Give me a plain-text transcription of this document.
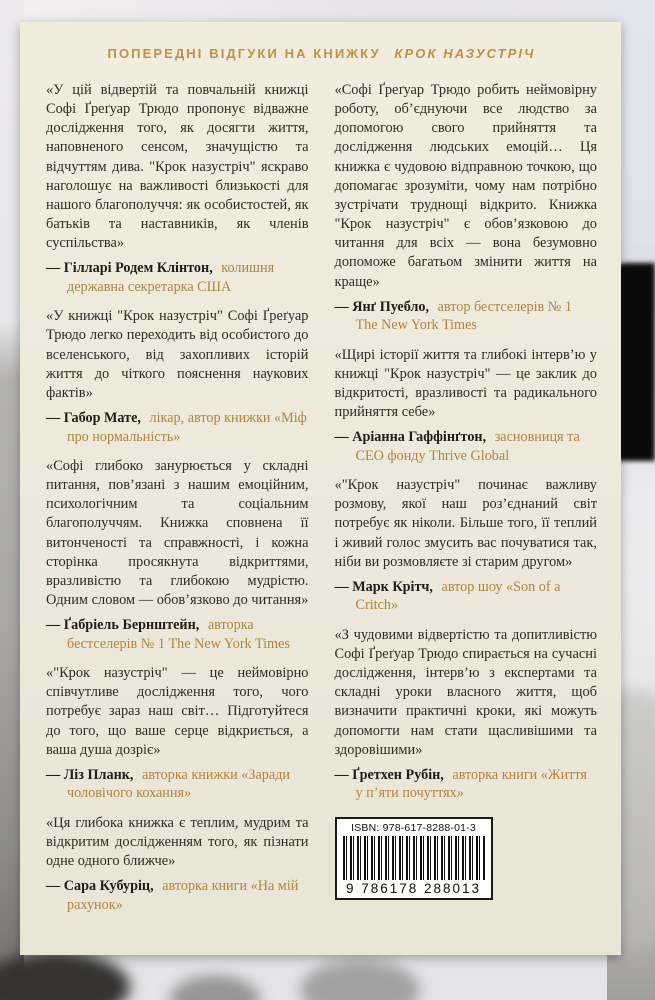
ПОПЕРЕДНІ ВІДГУКИ НА КНИЖКУ КРОК НАЗУСТРІЧ

«У цій відвертій та повчальній книжці Софі Ґреґуар Трюдо пропонує відважне дослідження того, як досягти життя, наповненого сенсом, значущістю та відчуттям дива. "Крок назустріч" яскраво наголошує на важливості близькості для нашого благополуччя: як особистостей, як батьків та наставників, як членів суспільства»

— Гілларі Родем Клінтон, колишня державна секретарка США

«У книжці "Крок назустріч" Софі Ґреґуар Трюдо легко переходить від особистого до вселенського, від захопливих історій життя до чіткого пояснення наукових фактів»

— Габор Мате, лікар, автор книжки «Міф про нормальність»

«Софі глибоко занурюється у складні питання, пов’язані з нашим емоційним, психологічним та соціальним благополуччям. Книжка сповнена її витонченості та справжності, і кожна сторінка просякнута відкриттями, вразливістю та глибокою мудрістю. Одним словом — обов’язково до читання»

— Ґабріель Бернштейн, авторка бестселерів № 1 The New York Times

«"Крок назустріч" — це неймовірно співчутливе дослідження того, чого потребує зараз наш світ… Підготуйтеся до того, що ваше серце відкриється, а ваша душа дозріє»

— Ліз Планк, авторка книжки «Заради чоловічого кохання»

«Ця глибока книжка є теплим, мудрим та відкритим дослідженням того, як пізнати одне одного ближче»

— Сара Кубуріц, авторка книги «На мій рахунок»

«Софі Ґреґуар Трюдо робить неймовірну роботу, об’єднуючи все людство за допомогою свого прийняття та дослідження людських емоцій… Ця книжка є чудовою відправною точкою, що допомагає зрозуміти, чому нам потрібно зустрічати труднощі відкрито. Книжка "Крок назустріч" є обов’язковою до читання для всіх — вона безумовно допоможе багатьом змінити життя на краще»

— Янґ Пуебло, автор бестселерів № 1 The New York Times

«Щирі історії життя та глибокі інтерв’ю у книжці "Крок назустріч" — це заклик до відкритості, вразливості та радикального прийняття себе»

— Аріанна Гаффінґтон, засновниця та СЕО фонду Thrive Global

«"Крок назустріч" починає важливу розмову, якої наш роз’єднаний світ потребує як ніколи. Більше того, її теплий і живий голос змусить вас почуватися так, ніби ви розмовляєте зі старим другом»

— Марк Крітч, автор шоу «Son of a Critch»

«З чудовими відвертістю та допитливістю Софі Ґреґуар Трюдо спирається на сучасні дослідження, інтерв’ю з експертами та складні уроки власного життя, щоб визначити практичні кроки, які можуть допомогти нам стати щасливішими та здоровішими»

— Ґретхен Рубін, авторка книги «Життя у п’яти почуттях»

ISBN: 978-617-8288-01-3
9 786178 288013
